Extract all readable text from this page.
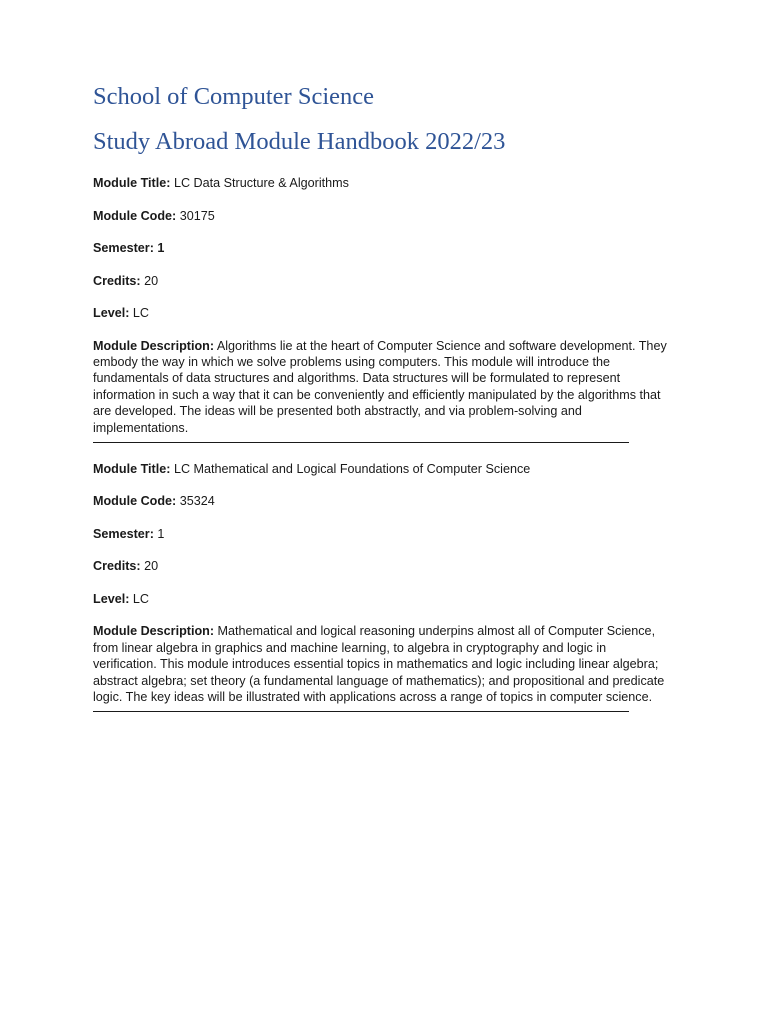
School of Computer Science
Study Abroad Module Handbook 2022/23

Module Title: LC Data Structure & Algorithms

Module Code: 30175

Semester: 1

Credits: 20

Level: LC

Module Description: Algorithms lie at the heart of Computer Science and software development. They embody the way in which we solve problems using computers. This module will introduce the fundamentals of data structures and algorithms. Data structures will be formulated to represent information in such a way that it can be conveniently and efficiently manipulated by the algorithms that are developed. The ideas will be presented both abstractly, and via problem-solving and implementations.

Module Title: LC Mathematical and Logical Foundations of Computer Science

Module Code: 35324

Semester: 1

Credits: 20

Level: LC

Module Description: Mathematical and logical reasoning underpins almost all of Computer Science, from linear algebra in graphics and machine learning, to algebra in cryptography and logic in verification. This module introduces essential topics in mathematics and logic including linear algebra; abstract algebra; set theory (a fundamental language of mathematics); and propositional and predicate logic. The key ideas will be illustrated with applications across a range of topics in computer science.
